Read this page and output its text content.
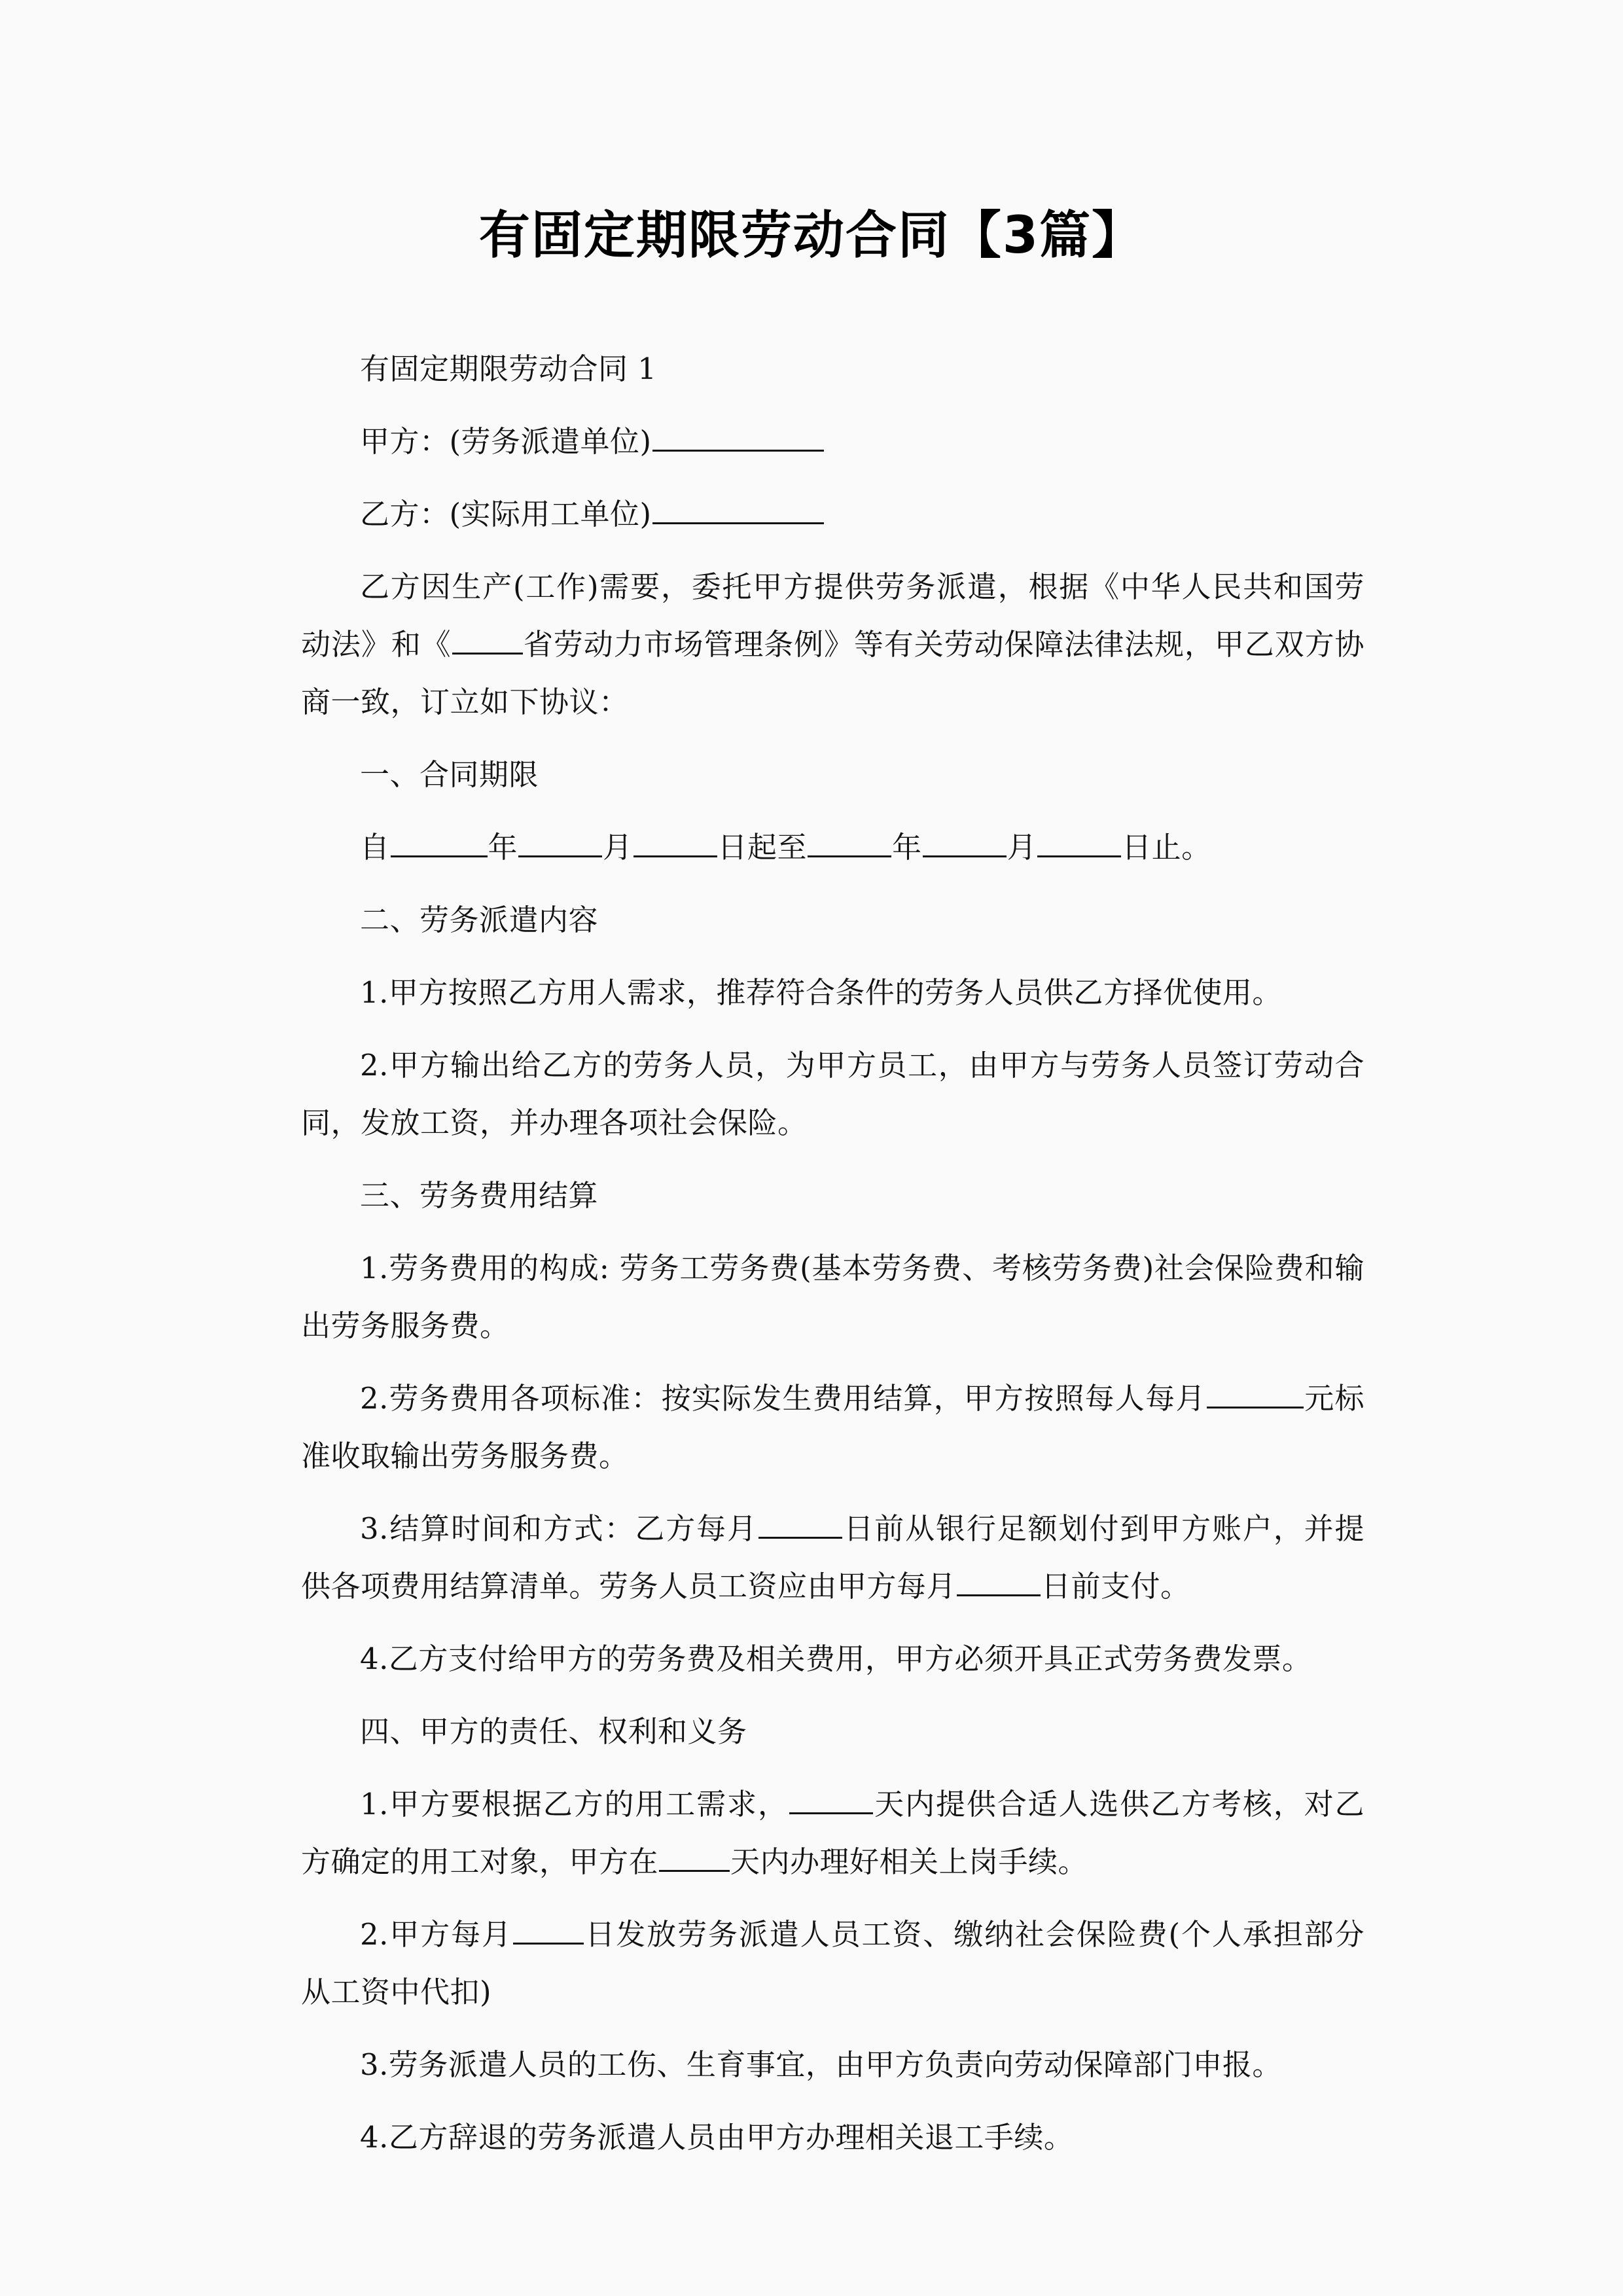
有固定期限劳动合同【3篇】

有固定期限劳动合同 1

甲方：(劳务派遣单位)

乙方：(实际用工单位)

乙方因生产(工作)需要，委托甲方提供劳务派遣，根据《中华人民共和国劳动法》和《 省劳动力市场管理条例》等有关劳动保障法律法规，甲乙双方协商一致，订立如下协议：

一、合同期限

自	年	月	日起至	年	月	日止。

二、劳务派遣内容

1.甲方按照乙方用人需求，推荐符合条件的劳务人员供乙方择优使用。

2.甲方输出给乙方的劳务人员，为甲方员工，由甲方与劳务人员签订劳动合同，发放工资，并办理各项社会保险。

三、劳务费用结算

1.劳务费用的构成: 劳务工劳务费(基本劳务费、考核劳务费)社会保险费和输出劳务服务费。

2.劳务费用各项标准：按实际发生费用结算，甲方按照每人每月	元标准收取输出劳务服务费。

3.结算时间和方式：乙方每月	日前从银行足额划付到甲方账户，并提供各项费用结算清单。劳务人员工资应由甲方每月	日前支付。

4.乙方支付给甲方的劳务费及相关费用，甲方必须开具正式劳务费发票。

四、甲方的责任、权利和义务

1.甲方要根据乙方的用工需求，	天内提供合适人选供乙方考核，对乙方确定的用工对象，甲方在 天内办理好相关上岗手续。

2.甲方每月 日发放劳务派遣人员工资、缴纳社会保险费(个人承担部分从工资中代扣)

3.劳务派遣人员的工伤、生育事宜，由甲方负责向劳动保障部门申报。

4.乙方辞退的劳务派遣人员由甲方办理相关退工手续。
